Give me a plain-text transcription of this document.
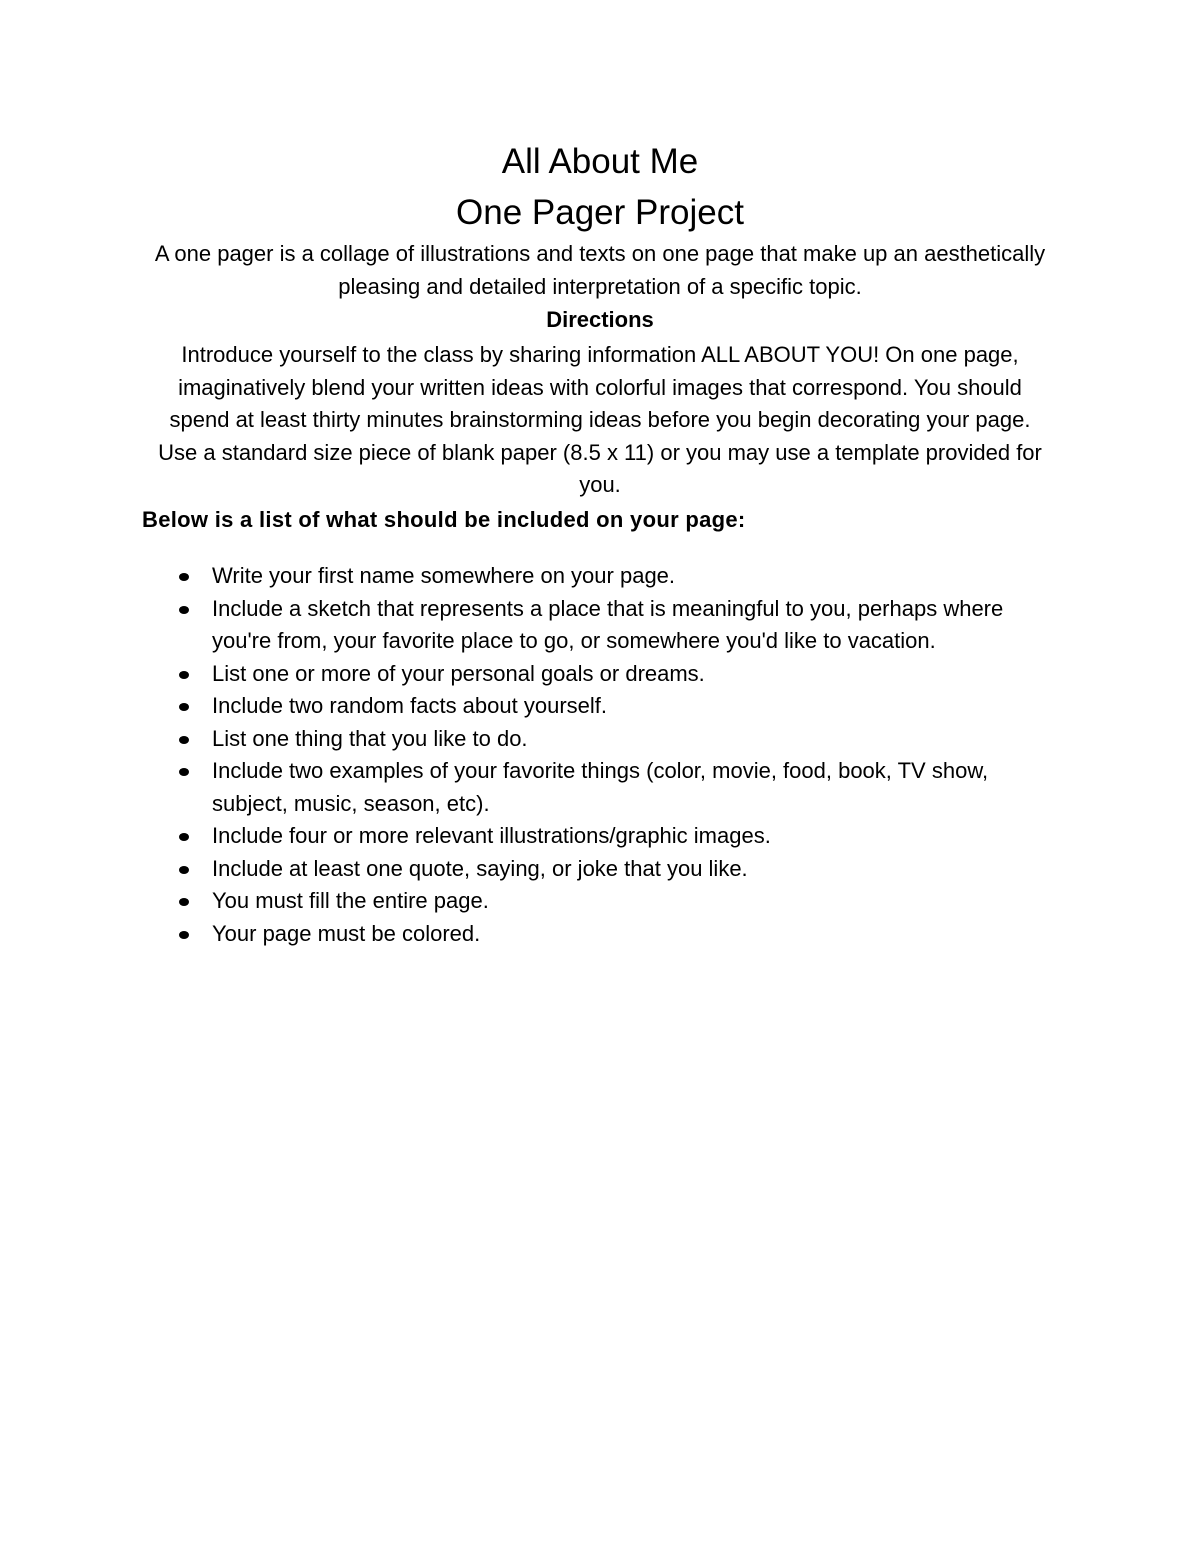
All About Me
One Pager Project

A one pager is a collage of illustrations and texts on one page that make up an aesthetically pleasing and detailed interpretation of a specific topic.

Directions

Introduce yourself to the class by sharing information ALL ABOUT YOU! On one page, imaginatively blend your written ideas with colorful images that correspond. You should spend at least thirty minutes brainstorming ideas before you begin decorating your page. Use a standard size piece of blank paper (8.5 x 11) or you may use a template provided for you.

Below is a list of what should be included on your page:

Write your first name somewhere on your page.
Include a sketch that represents a place that is meaningful to you, perhaps where you're from, your favorite place to go, or somewhere you'd like to vacation.
List one or more of your personal goals or dreams.
Include two random facts about yourself.
List one thing that you like to do.
Include two examples of your favorite things (color, movie, food, book, TV show, subject, music, season, etc).
Include four or more relevant illustrations/graphic images.
Include at least one quote, saying, or joke that you like.
You must fill the entire page.
Your page must be colored.
